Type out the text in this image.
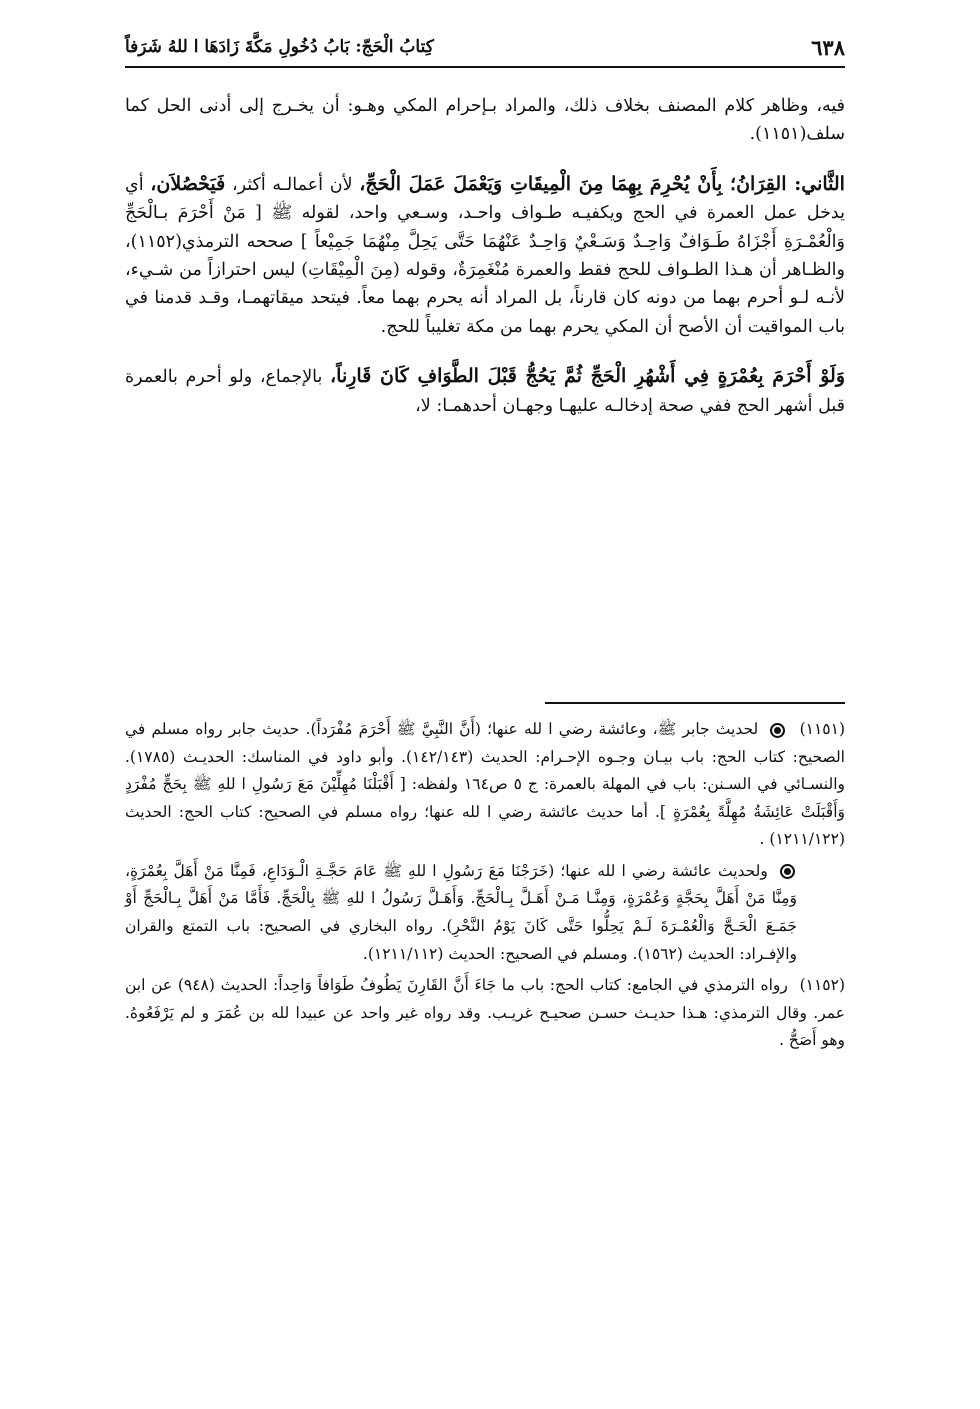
٦٣٨
كِتابُ الْحَجّ: بَابُ دُخُولِ مَكَّةَ زَادَهَا ا للهُ شَرَفاً

فيه، وظاهر كلام المصنف بخلاف ذلك، والمراد بـإحرام المكي وهـو: أن يخـرج إلى أدنى الحل كما سلف(١١٥١).

الثَّاني: القِرَانُ؛ بِأَنْ يُحْرِمَ بِهِمَا مِنَ الْمِيقَاتِ وَيَعْمَلَ عَمَلَ الْحَجِّ، لأن أعمالـه أكثر، فَيَحْصُلاَن، أي يدخل عمل العمرة في الحج ويكفيـه طـواف واحـد، وسـعي واحد، لقوله ﷺ [ مَنْ أَحْرَمَ بـالْحَجِّ وَالْعُمْـرَةِ أَجْزَاهُ طَـوَافٌ وَاحِـدٌ وَسَـعْيٌ وَاحِـدٌ عَنْهُمَا حَتَّى يَحِلَّ مِنْهُمَا جَمِيْعاً ] صححه الترمذي(١١٥٢)، والظـاهر أن هـذا الطـواف للحج فقط والعمرة مُنْغَمِرَةٌ، وقوله (مِنَ الْمِيْقَاتِ) ليس احترازاً من شـيء، لأنـه لـو أحرم بهما من دونه كان قارناً، بل المراد أنه يحرم بهما معاً. فيتحد ميقاتهمـا، وقـد قدمنا في باب المواقيت أن الأصح أن المكي يحرم بهما من مكة تغليباً للحج.

وَلَوْ أَحْرَمَ بِعُمْرَةٍ فِي أَشْهُرِ الْحَجِّ ثُمَّ يَحُجُّ قَبْلَ الطَّوَافِ كَانَ قَارِناً، بالإجماع، ولو أحرم بالعمرة قبل أشهر الحج ففي صحة إدخالـه عليهـا وجهـان أحدهمـا: لا،

(١١٥١)  لحديث جابر ﷺ، وعائشة رضي ا لله عنها؛ (أَنَّ النَّبِيَّ ﷺ أَحْرَمَ مُفْرَداً). حديث جابر رواه مسلم في الصحيح: كتاب الحج: باب بيـان وجـوه الإحـرام: الحديث (١٤٢/١٤٣). وأبو داود في المناسك: الحديـث (١٧٨٥). والنسـائي في السـنن: باب في المهلة بالعمرة: ج ٥ ص١٦٤ ولفظه: [ أَقْبَلْنَا مُهِلِّيْنَ مَعَ رَسُولِ ا للهِ ﷺ بِحَجٍّ مُفْرَدٍ وَأَقْبَلَتْ عَائِشَةُ مُهِلَّةً بِعُمْرَةٍ ]. أما حديث عائشة رضي ا لله عنها؛ رواه مسلم في الصحيح: كتاب الحج: الحديث (١٢١١/١٢٢) .

ولحديث عائشة رضي ا لله عنها؛ (خَرَجْنَا مَعَ رَسُولِ ا للهِ ﷺ عَامَ حَجَّـةِ الْـوَدَاعِ، فَمِنَّا مَنْ أَهَلَّ بِعُمْرَةٍ، وَمِنَّا مَنْ أَهَلَّ بِحَجَّةٍ وَعُمْرَةٍ، وَمِنَّـا مَـنْ أَهَـلَّ بِـالْحَجِّ. وَأَهَـلَّ رَسُولُ ا للهِ ﷺ بِالْحَجِّ. فَأَمَّا مَنْ أَهَلَّ بِـالْحَجِّ أَوْ جَمَـعَ الْحَـجَّ وَالْعُمْـرَةَ لَـمْ يَحِلُّوا حَتَّى كَانَ يَوْمُ النَّحْرِ). رواه البخاري في الصحيح: باب التمتع والقران والإفـراد: الحديث (١٥٦٢). ومسلم في الصحيح: الحديث (١٢١١/١١٢).

(١١٥٢) رواه الترمذي في الجامع: كتاب الحج: باب ما جَاءَ أَنَّ القَارِنَ يَطُوفُ طَوَافاً وَاحِداً: الحديث (٩٤٨) عن ابن عمر. وقال الترمذي: هـذا حديـث حسـن صحيـح غريـب. وقد رواه غير واحد عن عبيدا لله بن عُمَرَ و لم يَرْفَعُوهُ. وهو أَصَحُّ .
